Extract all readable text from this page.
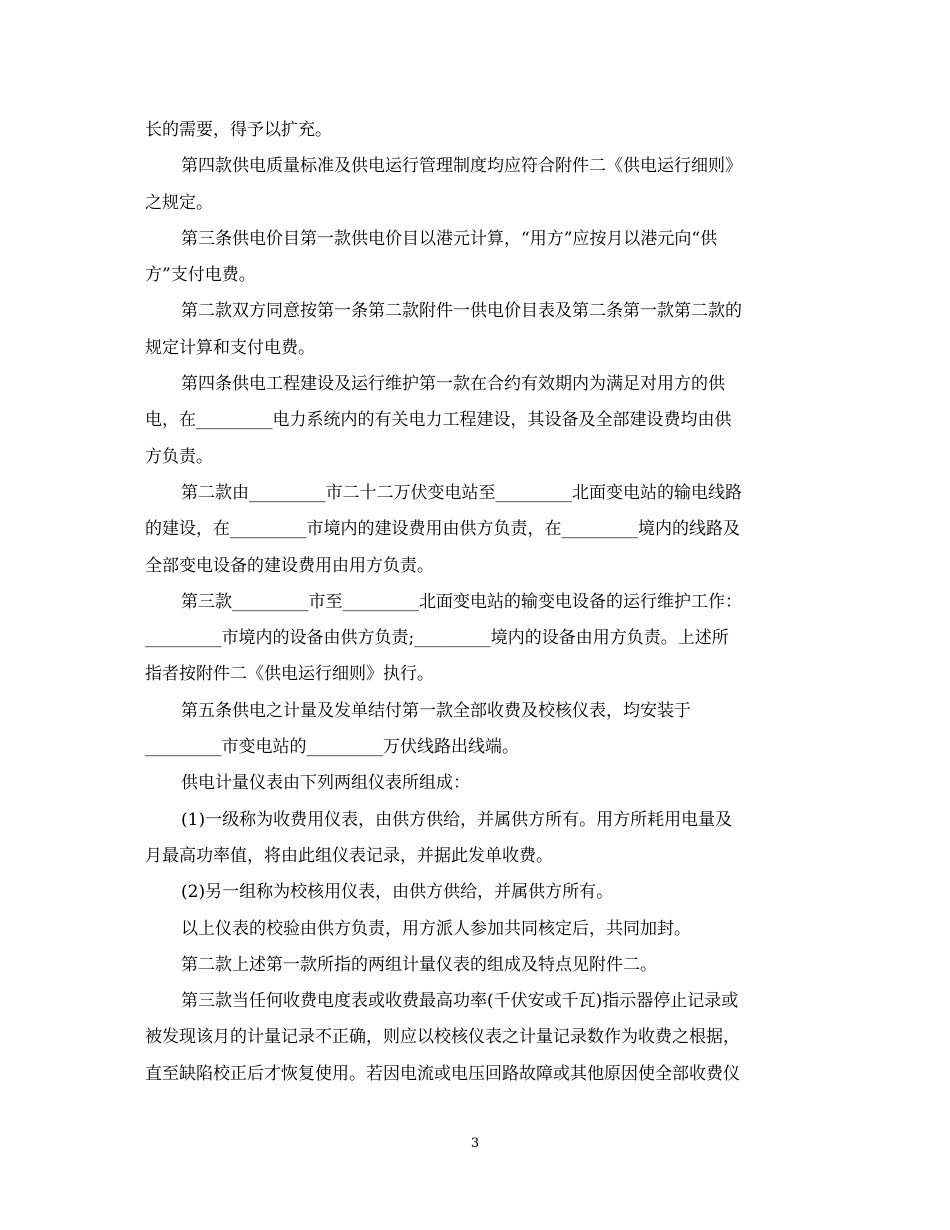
长的需要，得予以扩充。
第四款供电质量标准及供电运行管理制度均应符合附件二《供电运行细则》
之规定。
第三条供电价目第一款供电价目以港元计算，“用方”应按月以港元向“供
方”支付电费。
第二款双方同意按第一条第二款附件一供电价目表及第二条第一款第二款的
规定计算和支付电费。
第四条供电工程建设及运行维护第一款在合约有效期内为满足对用方的供
电，在_________电力系统内的有关电力工程建设，其设备及全部建设费均由供
方负责。
第二款由_________市二十二万伏变电站至_________北面变电站的输电线路
的建设，在_________市境内的建设费用由供方负责，在_________境内的线路及
全部变电设备的建设费用由用方负责。
第三款_________市至_________北面变电站的输变电设备的运行维护工作：
_________市境内的设备由供方负责;_________境内的设备由用方负责。上述所
指者按附件二《供电运行细则》执行。
第五条供电之计量及发单结付第一款全部收费及校核仪表，均安装于
_________市变电站的_________万伏线路出线端。
供电计量仪表由下列两组仪表所组成：
(1)一级称为收费用仪表，由供方供给，并属供方所有。用方所耗用电量及
月最高功率值，将由此组仪表记录，并据此发单收费。
(2)另一组称为校核用仪表，由供方供给，并属供方所有。
以上仪表的校验由供方负责，用方派人参加共同核定后，共同加封。
第二款上述第一款所指的两组计量仪表的组成及特点见附件二。
第三款当任何收费电度表或收费最高功率(千伏安或千瓦)指示器停止记录或
被发现该月的计量记录不正确，则应以校核仪表之计量记录数作为收费之根据，
直至缺陷校正后才恢复使用。若因电流或电压回路故障或其他原因使全部收费仪
3
